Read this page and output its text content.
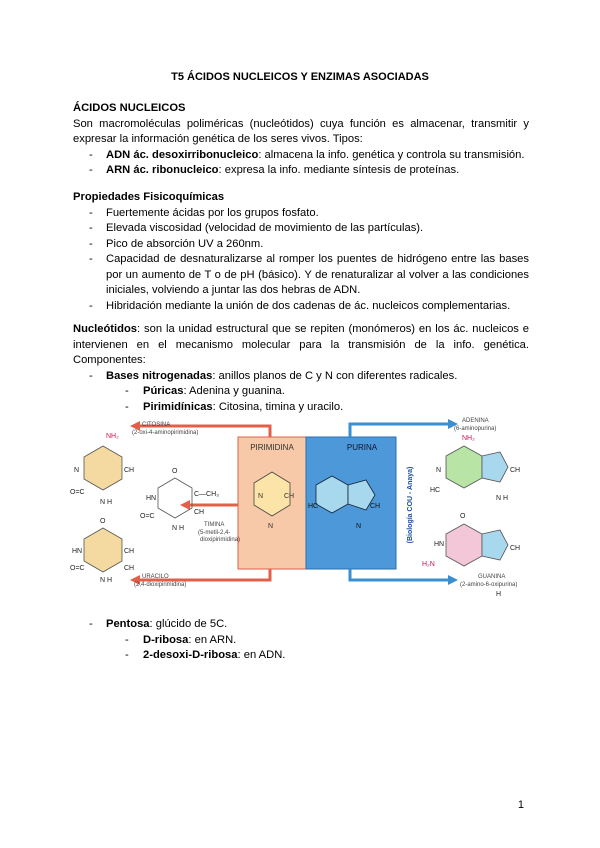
T5 ÁCIDOS NUCLEICOS Y ENZIMAS ASOCIADAS
ÁCIDOS NUCLEICOS
Son macromoléculas poliméricas (nucleótidos) cuya función es almacenar, transmitir y expresar la información genética de los seres vivos. Tipos:
- ADN ác. desoxirribonucleico: almacena la info. genética y controla su transmisión.
- ARN ác. ribonucleico: expresa la info. mediante síntesis de proteínas.
Propiedades Fisicoquímicas
- Fuertemente ácidas por los grupos fosfato.
- Elevada viscosidad (velocidad de movimiento de las partículas).
- Pico de absorción UV a 260nm.
- Capacidad de desnaturalizarse al romper los puentes de hidrógeno entre las bases por un aumento de T o de pH (básico). Y de renaturalizar al volver a las condiciones iniciales, volviendo a juntar las dos hebras de ADN.
- Hibridación mediante la unión de dos cadenas de ác. nucleicos complementarias.
Nucleótidos: son la unidad estructural que se repiten (monómeros) en los ác. nucleicos e intervienen en el mecanismo molecular para la transmisión de la info. genética. Componentes:
- Bases nitrogenadas: anillos planos de C y N con diferentes radicales.
- Púricas: Adenina y guanina.
- Pirimidínicas: Citosina, timina y uracilo.
PIRIMIDINA	PURINA
N	CH
N
HC	CH
N	(Biología COU - Anaya)
NH₂
N	CH
O=C
N H
CITOSINA
(2-oxi-4-aminopirimidina)
O
C—CH₃
HN
CH
O=C
N H	TIMINA
(5-metil-2,4-
dioxipirimidina)
O
HN	CH
O=C	CH
N H	URACILO
(2,4-dioxipirimidina)
ADENINA
(6-aminopurina)
NH₂
N	CH
HC
N H
O
HN
CH
H₂N
GUANINA
(2-amino-6-oxipurina)
H
- Pentosa: glúcido de 5C.
- D-ribosa: en ARN.
- 2-desoxi-D-ribosa: en ADN.
1
